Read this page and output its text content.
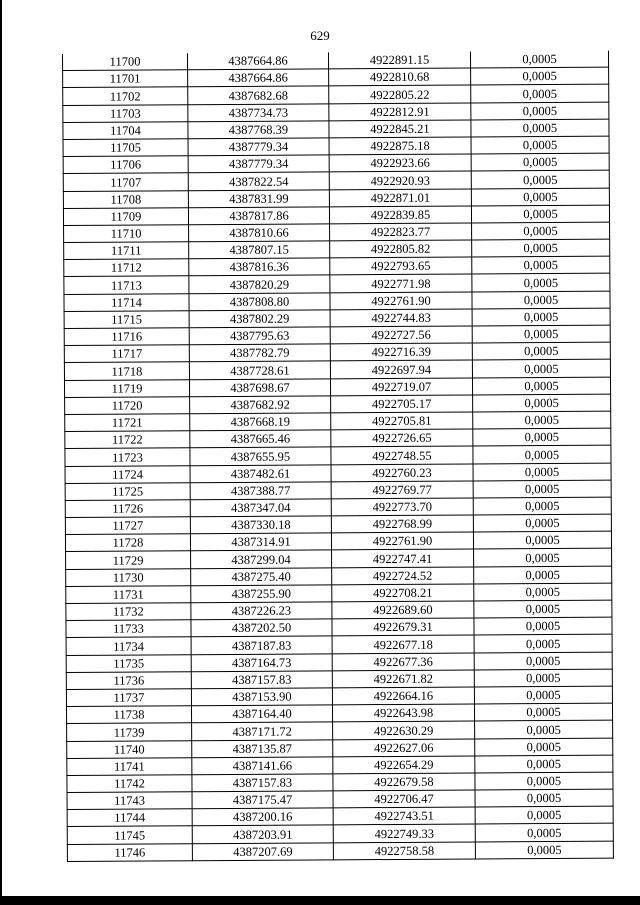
629
11700	4387664.86	4922891.15	0,0005
11701	4387664.86	4922810.68	0,0005
11702	4387682.68	4922805.22	0,0005
11703	4387734.73	4922812.91	0,0005
11704	4387768.39	4922845.21	0,0005
11705	4387779.34	4922875.18	0,0005
11706	4387779.34	4922923.66	0,0005
11707	4387822.54	4922920.93	0,0005
11708	4387831.99	4922871.01	0,0005
11709	4387817.86	4922839.85	0,0005
11710	4387810.66	4922823.77	0,0005
11711	4387807.15	4922805.82	0,0005
11712	4387816.36	4922793.65	0,0005
11713	4387820.29	4922771.98	0,0005
11714	4387808.80	4922761.90	0,0005
11715	4387802.29	4922744.83	0,0005
11716	4387795.63	4922727.56	0,0005
11717	4387782.79	4922716.39	0,0005
11718	4387728.61	4922697.94	0,0005
11719	4387698.67	4922719.07	0,0005
11720	4387682.92	4922705.17	0,0005
11721	4387668.19	4922705.81	0,0005
11722	4387665.46	4922726.65	0,0005
11723	4387655.95	4922748.55	0,0005
11724	4387482.61	4922760.23	0,0005
11725	4387388.77	4922769.77	0,0005
11726	4387347.04	4922773.70	0,0005
11727	4387330.18	4922768.99	0,0005
11728	4387314.91	4922761.90	0,0005
11729	4387299.04	4922747.41	0,0005
11730	4387275.40	4922724.52	0,0005
11731	4387255.90	4922708.21	0,0005
11732	4387226.23	4922689.60	0,0005
11733	4387202.50	4922679.31	0,0005
11734	4387187.83	4922677.18	0,0005
11735	4387164.73	4922677.36	0,0005
11736	4387157.83	4922671.82	0,0005
11737	4387153.90	4922664.16	0,0005
11738	4387164.40	4922643.98	0,0005
11739	4387171.72	4922630.29	0,0005
11740	4387135.87	4922627.06	0,0005
11741	4387141.66	4922654.29	0,0005
11742	4387157.83	4922679.58	0,0005
11743	4387175.47	4922706.47	0,0005
11744	4387200.16	4922743.51	0,0005
11745	4387203.91	4922749.33	0,0005
11746	4387207.69	4922758.58	0,0005
